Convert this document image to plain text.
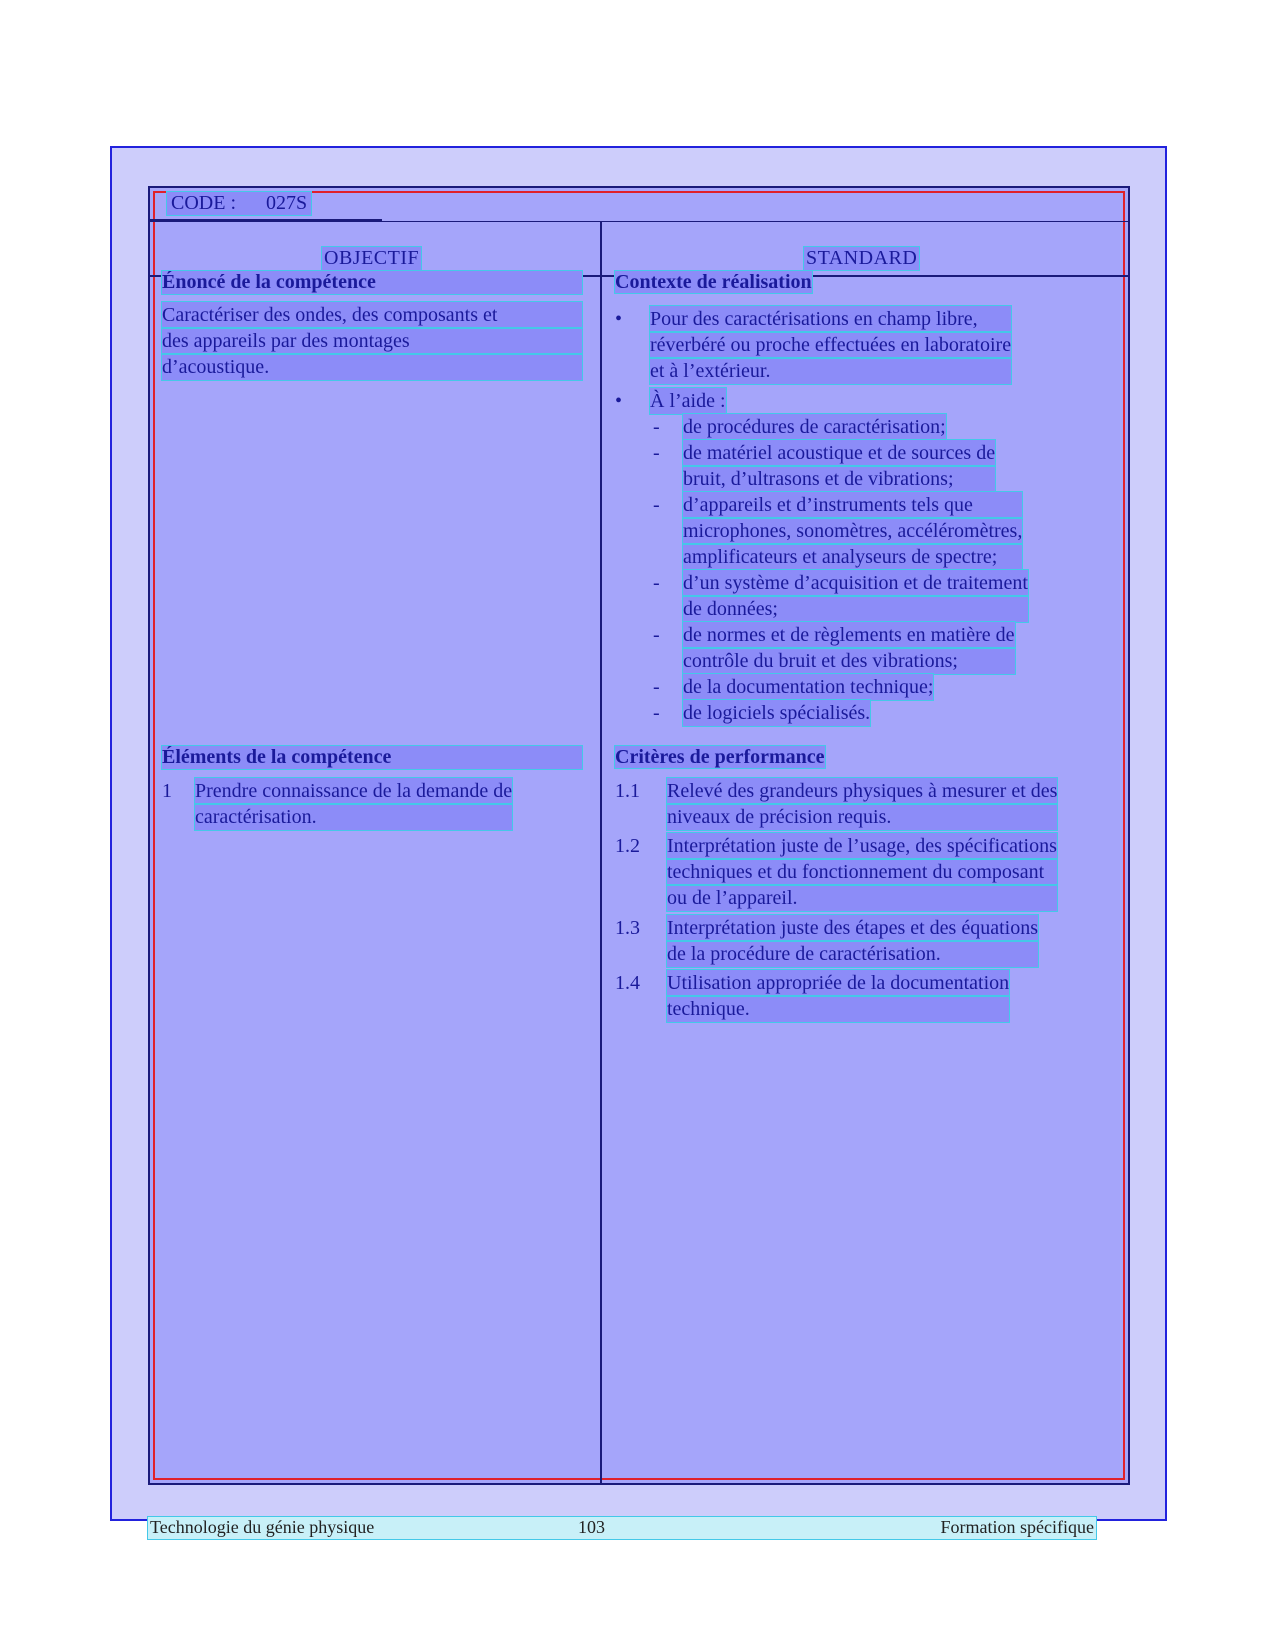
CODE : 027S
OBJECTIF	STANDARD
Énoncé de la compétence
Caractériser des ondes, des composants et
des appareils par des montages
d’acoustique.
Éléments de la compétence
1 Prendre connaissance de la demande de
caractérisation.
Contexte de réalisation
• Pour des caractérisations en champ libre,
réverbéré ou proche effectuées en laboratoire
et à l’extérieur.
• À l’aide :
- de procédures de caractérisation;
- de matériel acoustique et de sources de
bruit, d’ultrasons et de vibrations;
- d’appareils et d’instruments tels que
microphones, sonomètres, accéléromètres,
amplificateurs et analyseurs de spectre;
- d’un système d’acquisition et de traitement
de données;
- de normes et de règlements en matière de
contrôle du bruit et des vibrations;
- de la documentation technique;
- de logiciels spécialisés.
Critères de performance
1.1 Relevé des grandeurs physiques à mesurer et des
niveaux de précision requis.
1.2 Interprétation juste de l’usage, des spécifications
techniques et du fonctionnement du composant
ou de l’appareil.
1.3 Interprétation juste des étapes et des équations
de la procédure de caractérisation.
1.4 Utilisation appropriée de la documentation
technique.
Technologie du génie physique	103	Formation spécifique
